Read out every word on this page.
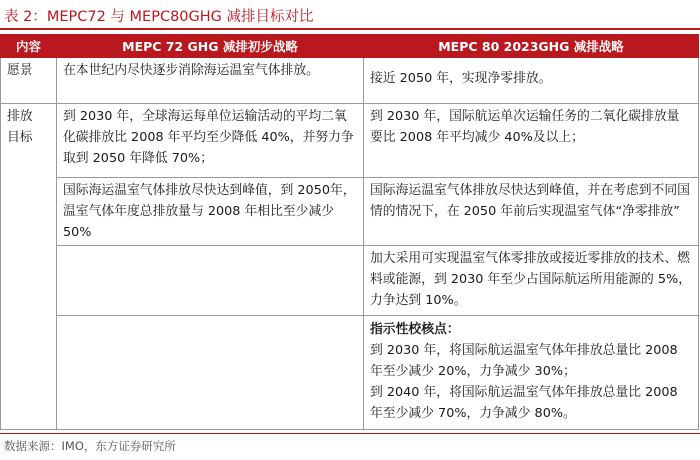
表 2：MEPC72 与 MEPC80GHG 减排目标对比
内容	MEPC 72 GHG 减排初步战略	MEPC 80 2023GHG 减排战略

愿景	在本世纪内尽快逐步消除海运温室气体排放。	接近 2050 年，实现净零排放。

排放目标	到 2030 年，全球海运每单位运输活动的平均二氧化碳排放比 2008 年平均至少降低 40%，并努力争取到 2050 年降低 70%；	到 2030 年，国际航运单次运输任务的二氧化碳排放量要比 2008 年平均减少 40%及以上；

	国际海运温室气体排放尽快达到峰值，到 2050年，温室气体年度总排放量与 2008 年相比至少减少 50%	国际海运温室气体排放尽快达到峰值，并在考虑到不同国情的情况下，在 2050 年前后实现温室气体“净零排放”

		加大采用可实现温室气体零排放或接近零排放的技术、燃料或能源，到 2030 年至少占国际航运所用能源的 5%，力争达到 10%。

		指示性校核点：
到 2030 年，将国际航运温室气体年排放总量比 2008 年至少减少 20%，力争减少 30%；
到 2040 年，将国际航运温室气体年排放总量比 2008 年至少减少 70%，力争减少 80%。
数据来源：IMO，东方证券研究所
